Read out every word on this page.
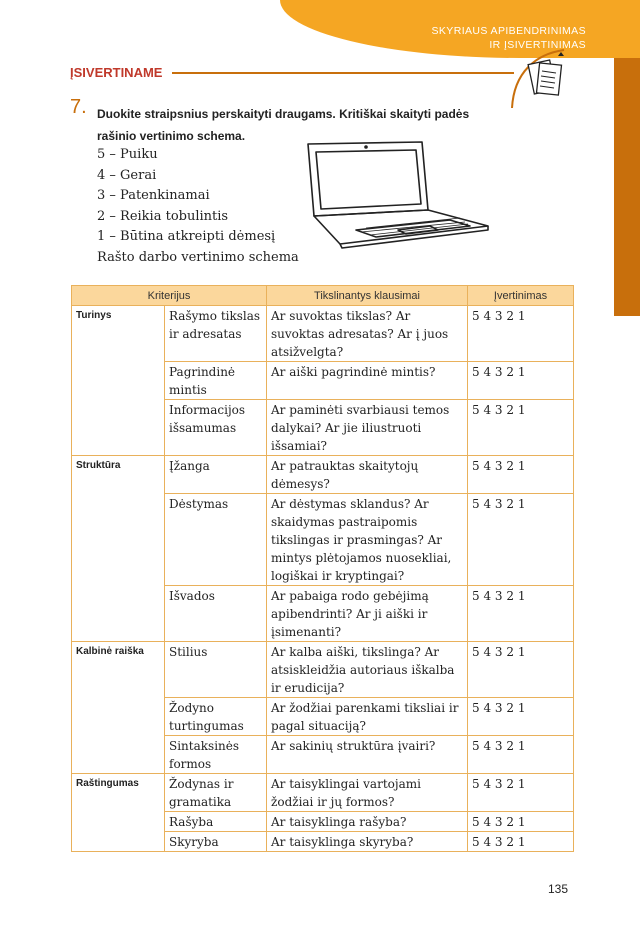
SKYRIAUS APIBENDRINIMAS
IR ĮSIVERTINIMAS
ĮSIVERTINAME
7. Duokite straipsnius perskaityti draugams. Kritiškai skaityti padės rašinio vertinimo schema.
5 – Puiku
4 – Gerai
3 – Patenkinamai
2 – Reikia tobulintis
1 – Būtina atkreipti dėmesį
Rašto darbo vertinimo schema
Kriterijus		Tikslinantys klausimai	Įvertinimas
Turinys	Rašymo tikslas ir adresatas	Ar suvoktas tikslas? Ar suvoktas adresatas? Ar į juos atsižvelgta?	5 4 3 2 1
	Pagrindinė mintis	Ar aiški pagrindinė mintis?	5 4 3 2 1
	Informacijos išsamumas	Ar paminėti svarbiausi temos dalykai? Ar jie iliustruoti išsamiai?	5 4 3 2 1
Struktūra	Įžanga	Ar patrauktas skaitytojų dėmesys?	5 4 3 2 1
	Dėstymas	Ar dėstymas sklandus? Ar skaidymas pastraipomis tikslingas ir prasmingas? Ar mintys plėtojamos nuosekliai, logiškai ir kryptingai?	5 4 3 2 1
	Išvados	Ar pabaiga rodo gebėjimą apibendrinti? Ar ji aiški ir įsimenanti?	5 4 3 2 1
Kalbinė raiška	Stilius	Ar kalba aiški, tikslinga? Ar atsiskleidžia autoriaus iškalba ir erudicija?	5 4 3 2 1
	Žodyno turtingumas	Ar žodžiai parenkami tiksliai ir pagal situaciją?	5 4 3 2 1
	Sintaksinės formos	Ar sakinių struktūra įvairi?	5 4 3 2 1
Raštingumas	Žodynas ir gramatika	Ar taisyklingai vartojami žodžiai ir jų formos?	5 4 3 2 1
	Rašyba	Ar taisyklinga rašyba?	5 4 3 2 1
	Skyryba	Ar taisyklinga skyryba?	5 4 3 2 1
135
